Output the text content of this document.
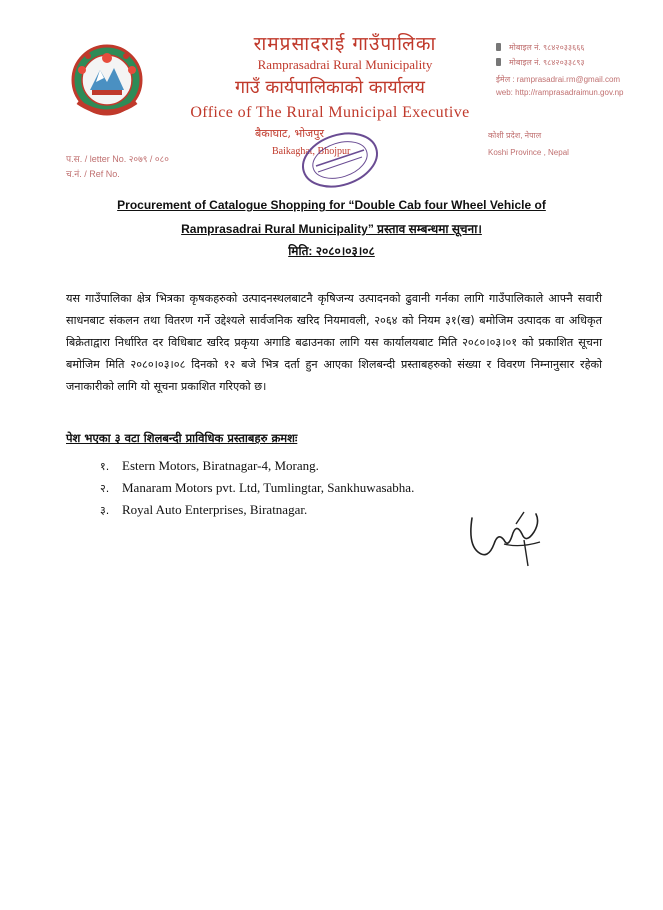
रामप्रसादराई गाउँपालिका
Ramprasadrai Rural Municipality
गाउँ कार्यपालिकाको कार्यालय
Office of The Rural Municipal Executive
बैकाघाट, भोजपुर
Baikaghat, Bhojpur
मोबाइल नं. ९८४२०३३६६६
मोबाइल नं. ९८४२०३३८९३
ईमेल : ramprasadrai.rm@gmail.com
web: http://ramprasadraimun.gov.np
कोशी प्रदेश, नेपाल
Koshi Province , Nepal
प.स. / letter No. २०७९ / ०८०
च.नं. / Ref No.
Procurement of Catalogue Shopping for “Double Cab four Wheel Vehicle of
Ramprasadrai Rural Municipality” प्रस्ताव सम्बन्धमा सूचना।
मिति: २०८०।०३।०८

यस गाउँपालिका क्षेत्र भित्रका कृषकहरुको उत्पादनस्थलबाटनै कृषिजन्य उत्पादनको ढुवानी गर्नका लागि गाउँपालिकाले आफ्नै सवारी साधनबाट संकलन तथा वितरण गर्ने उद्देश्यले सार्वजनिक खरिद नियमावली, २०६४ को नियम ३१(ख) बमोजिम उत्पादक वा अधिकृत बिक्रेताद्वारा निर्धारित दर विधिबाट खरिद प्रकृया अगाडि बढाउनका लागि यस कार्यालयबाट मिति २०८०।०३।०१ को प्रकाशित सूचना बमोजिम मिति २०८०।०३।०८ दिनको १२ बजे भित्र दर्ता हुन आएका शिलबन्दी प्रस्ताबहरुको संख्या र विवरण निम्नानुसार रहेको जनाकारीको लागि यो सूचना प्रकाशित गरिएको छ।

पेश भएका ३ वटा शिलबन्दी प्राविधिक प्रस्ताबहरु क्रमशः
१. Estern Motors, Biratnagar-4, Morang.
२. Manaram Motors pvt. Ltd, Tumlingtar, Sankhuwasabha.
३. Royal Auto Enterprises, Biratnagar.
